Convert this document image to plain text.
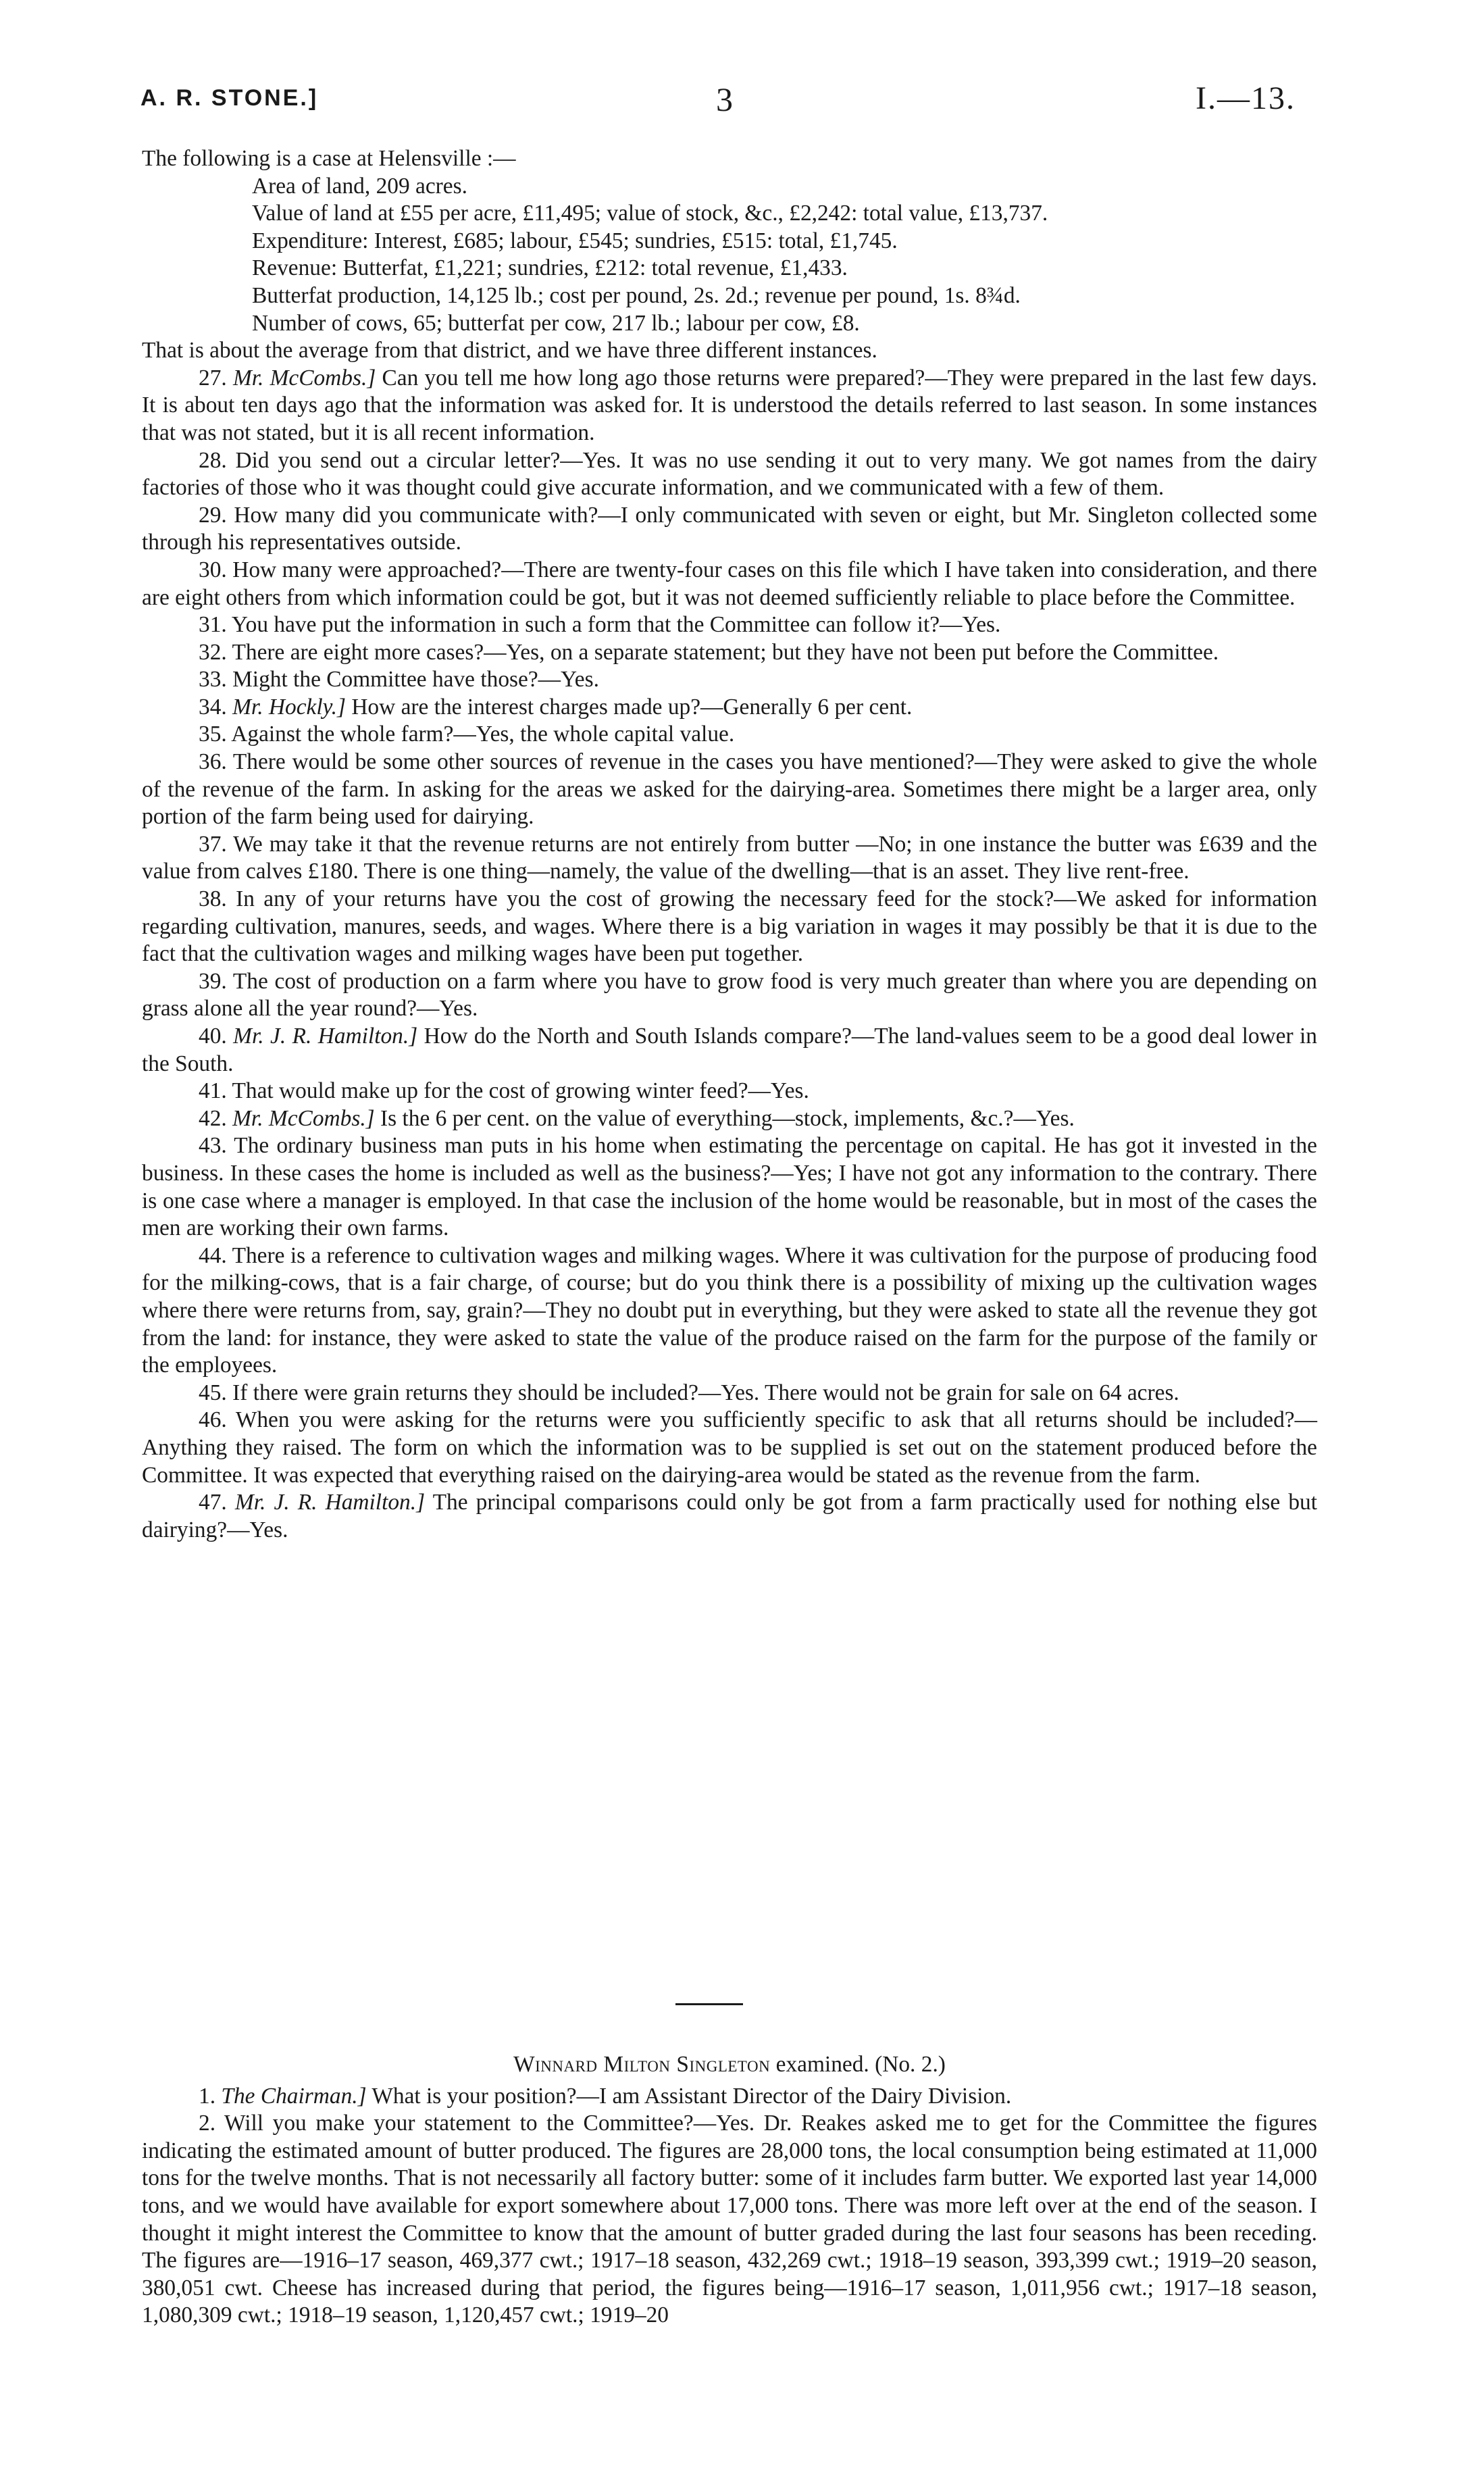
A. R. STONE.]	3	I.—13.

The following is a case at Helensville :—

Area of land, 209 acres.

Value of land at £55 per acre, £11,495; value of stock, &c., £2,242: total value, £13,737.

Expenditure: Interest, £685; labour, £545; sundries, £515: total, £1,745.

Revenue: Butterfat, £1,221; sundries, £212: total revenue, £1,433.

Butterfat production, 14,125 lb.; cost per pound, 2s. 2d.; revenue per pound, 1s. 8¾d.

Number of cows, 65; butterfat per cow, 217 lb.; labour per cow, £8.

That is about the average from that district, and we have three different instances.

27. Mr. McCombs.] Can you tell me how long ago those returns were prepared?—They were prepared in the last few days. It is about ten days ago that the information was asked for. It is understood the details referred to last season. In some instances that was not stated, but it is all recent information.

28. Did you send out a circular letter?—Yes. It was no use sending it out to very many. We got names from the dairy factories of those who it was thought could give accurate information, and we communicated with a few of them.

29. How many did you communicate with?—I only communicated with seven or eight, but Mr. Singleton collected some through his representatives outside.

30. How many were approached?—There are twenty-four cases on this file which I have taken into consideration, and there are eight others from which information could be got, but it was not deemed sufficiently reliable to place before the Committee.

31. You have put the information in such a form that the Committee can follow it?—Yes.

32. There are eight more cases?—Yes, on a separate statement; but they have not been put before the Committee.

33. Might the Committee have those?—Yes.

34. Mr. Hockly.] How are the interest charges made up?—Generally 6 per cent.

35. Against the whole farm?—Yes, the whole capital value.

36. There would be some other sources of revenue in the cases you have mentioned?—They were asked to give the whole of the revenue of the farm. In asking for the areas we asked for the dairying-area. Sometimes there might be a larger area, only portion of the farm being used for dairying.

37. We may take it that the revenue returns are not entirely from butter —No; in one instance the butter was £639 and the value from calves £180. There is one thing—namely, the value of the dwelling—that is an asset. They live rent-free.

38. In any of your returns have you the cost of growing the necessary feed for the stock?—We asked for information regarding cultivation, manures, seeds, and wages. Where there is a big variation in wages it may possibly be that it is due to the fact that the cultivation wages and milking wages have been put together.

39. The cost of production on a farm where you have to grow food is very much greater than where you are depending on grass alone all the year round?—Yes.

40. Mr. J. R. Hamilton.] How do the North and South Islands compare?—The land-values seem to be a good deal lower in the South.

41. That would make up for the cost of growing winter feed?—Yes.

42. Mr. McCombs.] Is the 6 per cent. on the value of everything—stock, implements, &c.?—Yes.

43. The ordinary business man puts in his home when estimating the percentage on capital. He has got it invested in the business. In these cases the home is included as well as the business?—Yes; I have not got any information to the contrary. There is one case where a manager is employed. In that case the inclusion of the home would be reasonable, but in most of the cases the men are working their own farms.

44. There is a reference to cultivation wages and milking wages. Where it was cultivation for the purpose of producing food for the milking-cows, that is a fair charge, of course; but do you think there is a possibility of mixing up the cultivation wages where there were returns from, say, grain?—They no doubt put in everything, but they were asked to state all the revenue they got from the land: for instance, they were asked to state the value of the produce raised on the farm for the purpose of the family or the employees.

45. If there were grain returns they should be included?—Yes. There would not be grain for sale on 64 acres.

46. When you were asking for the returns were you sufficiently specific to ask that all returns should be included?—Anything they raised. The form on which the information was to be supplied is set out on the statement produced before the Committee. It was expected that everything raised on the dairying-area would be stated as the revenue from the farm.

47. Mr. J. R. Hamilton.] The principal comparisons could only be got from a farm practically used for nothing else but dairying?—Yes.

Winnard Milton Singleton examined. (No. 2.)

1. The Chairman.] What is your position?—I am Assistant Director of the Dairy Division.

2. Will you make your statement to the Committee?—Yes. Dr. Reakes asked me to get for the Committee the figures indicating the estimated amount of butter produced. The figures are 28,000 tons, the local consumption being estimated at 11,000 tons for the twelve months. That is not necessarily all factory butter: some of it includes farm butter. We exported last year 14,000 tons, and we would have available for export somewhere about 17,000 tons. There was more left over at the end of the season. I thought it might interest the Committee to know that the amount of butter graded during the last four seasons has been receding. The figures are—1916–17 season, 469,377 cwt.; 1917–18 season, 432,269 cwt.; 1918–19 season, 393,399 cwt.; 1919–20 season, 380,051 cwt. Cheese has increased during that period, the figures being—1916–17 season, 1,011,956 cwt.; 1917–18 season, 1,080,309 cwt.; 1918–19 season, 1,120,457 cwt.; 1919–20
